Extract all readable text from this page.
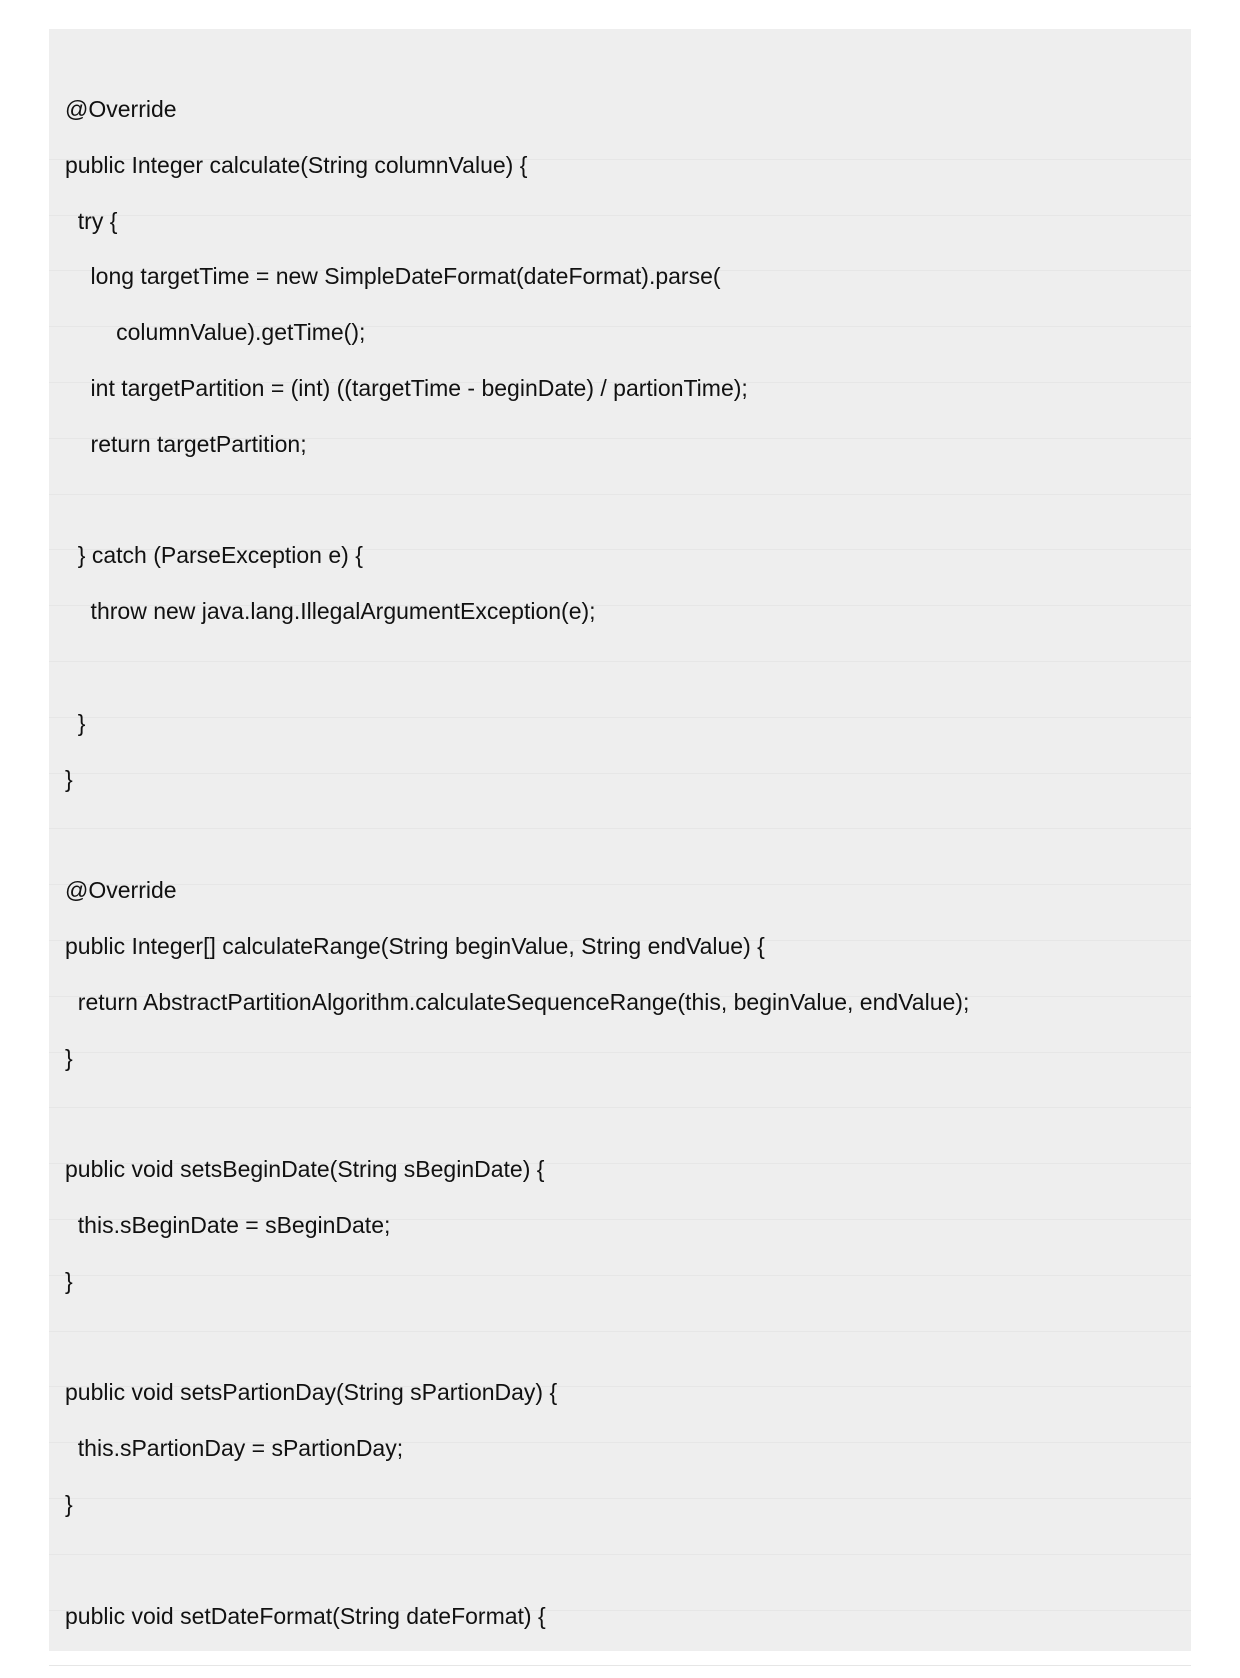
@Override
public Integer calculate(String columnValue) {
try {
long targetTime = new SimpleDateFormat(dateFormat).parse(
columnValue).getTime();
int targetPartition = (int) ((targetTime - beginDate) / partionTime);
return targetPartition;
} catch (ParseException e) {
throw new java.lang.IllegalArgumentException(e);
}
}
@Override
public Integer[] calculateRange(String beginValue, String endValue) {
return AbstractPartitionAlgorithm.calculateSequenceRange(this, beginValue, endValue);
}
public void setsBeginDate(String sBeginDate) {
this.sBeginDate = sBeginDate;
}
public void setsPartionDay(String sPartionDay) {
this.sPartionDay = sPartionDay;
}
public void setDateFormat(String dateFormat) {
